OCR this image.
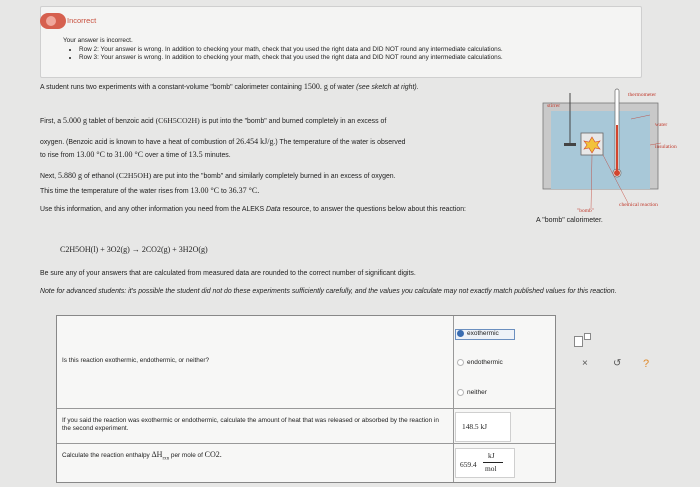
Incorrect
Your answer is incorrect.
• Row 2: Your answer is wrong. In addition to checking your math, check that you used the right data and DID NOT round any intermediate calculations.
• Row 3: Your answer is wrong. In addition to checking your math, check that you used the right data and DID NOT round any intermediate calculations.
A student runs two experiments with a constant-volume "bomb" calorimeter containing 1500. g of water (see sketch at right).
First, a 5.000 g tablet of benzoic acid (C6H5CO2H) is put into the "bomb" and burned completely in an excess of
oxygen. (Benzoic acid is known to have a heat of combustion of 26.454 kJ/g.) The temperature of the water is observed
to rise from 13.00 °C to 31.00 °C over a time of 13.5 minutes.
Next, 5.880 g of ethanol (C2H5OH) are put into the "bomb" and similarly completely burned in an excess of oxygen.
This time the temperature of the water rises from 13.00 °C to 36.37 °C.
Use this information, and any other information you need from the ALEKS Data resource, to answer the questions below about this reaction:
C2H5OH(l) + 3O2(g) → 2CO2(g) + 3H2O(g)
Be sure any of your answers that are calculated from measured data are rounded to the correct number of significant digits.
Note for advanced students: it's possible the student did not do these experiments sufficiently carefully, and the values you calculate may not exactly match published values for this reaction.
thermometer
stirrer
water
insulation
chemical reaction
"bomb"
A "bomb" calorimeter.
Is this reaction exothermic, endothermic, or neither?
exothermic
endothermic
neither
If you said the reaction was exothermic or endothermic, calculate the amount of heat that was released or absorbed by the reaction in the second experiment.	148.5 kJ
Calculate the reaction enthalpy $\Delta H_{rxn}$ per mole of CO2.
659.4
kJ
mol
×	↺ ?
